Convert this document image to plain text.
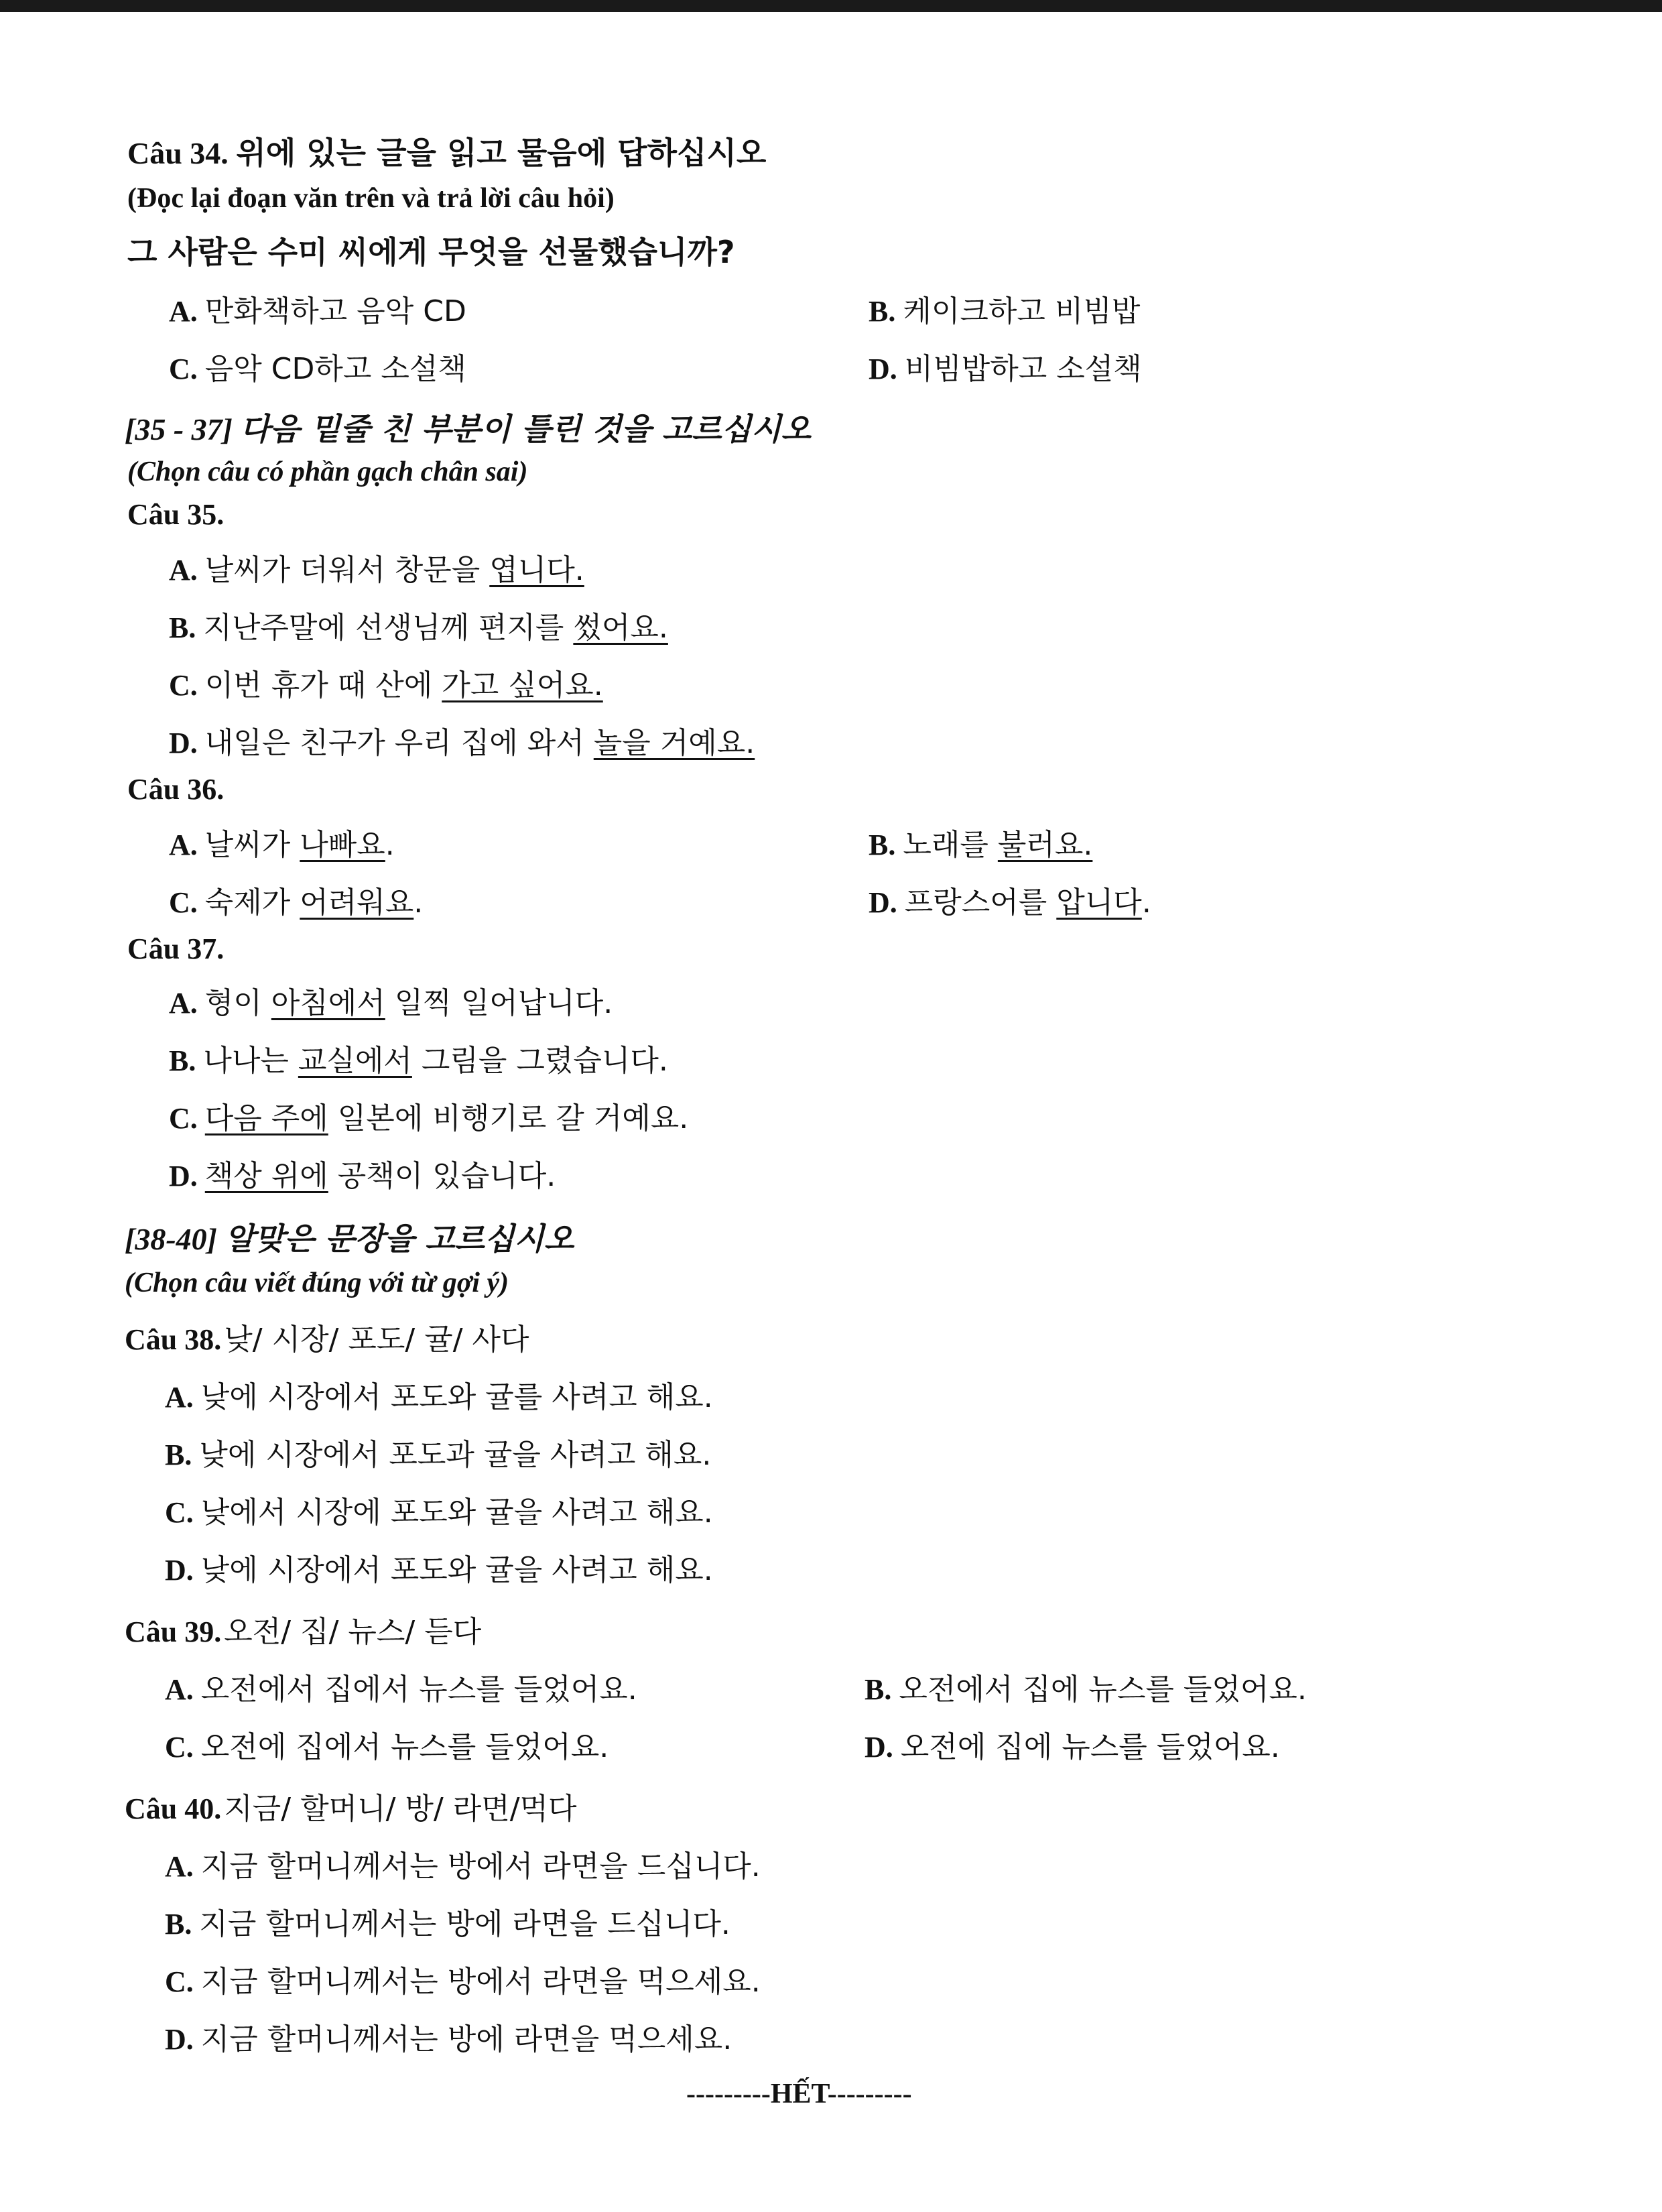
Câu 34. 위에 있는 글을 읽고 물음에 답하십시오
(Đọc lại đoạn văn trên và trả lời câu hỏi)
그 사람은 수미 씨에게 무엇을 선물했습니까?
A. 만화책하고 음악 CD	B. 케이크하고 비빔밥
C. 음악 CD하고 소설책	D. 비빔밥하고 소설책
[35 - 37] 다음 밑줄 친 부분이 틀린 것을 고르십시오
(Chọn câu có phần gạch chân sai)
Câu 35.
A. 날씨가 더워서 창문을 엽니다.
B. 지난주말에 선생님께 편지를 썼어요.
C. 이번 휴가 때 산에 가고 싶어요.
D. 내일은 친구가 우리 집에 와서 놀을 거예요.
Câu 36.
A. 날씨가 나빠요.	B. 노래를 불러요.
C. 숙제가 어려워요.	D. 프랑스어를 압니다.
Câu 37.
A. 형이 아침에서 일찍 일어납니다.
B. 나나는 교실에서 그림을 그렸습니다.
C. 다음 주에 일본에 비행기로 갈 거예요.
D. 책상 위에 공책이 있습니다.
[38-40] 알맞은 문장을 고르십시오
(Chọn câu viết đúng với từ gợi ý)
Câu 38. 낮/ 시장/ 포도/ 귤/ 사다
A. 낮에 시장에서 포도와 귤를 사려고 해요.
B. 낮에 시장에서 포도과 귤을 사려고 해요.
C. 낮에서 시장에 포도와 귤을 사려고 해요.
D. 낮에 시장에서 포도와 귤을 사려고 해요.
Câu 39. 오전/ 집/ 뉴스/ 듣다
A. 오전에서 집에서 뉴스를 들었어요.	B. 오전에서 집에 뉴스를 들었어요.
C. 오전에 집에서 뉴스를 들었어요.	D. 오전에 집에 뉴스를 들었어요.
Câu 40. 지금/ 할머니/ 방/ 라면/먹다
A. 지금 할머니께서는 방에서 라면을 드십니다.
B. 지금 할머니께서는 방에 라면을 드십니다.
C. 지금 할머니께서는 방에서 라면을 먹으세요.
D. 지금 할머니께서는 방에 라면을 먹으세요.
---------HẾT---------
